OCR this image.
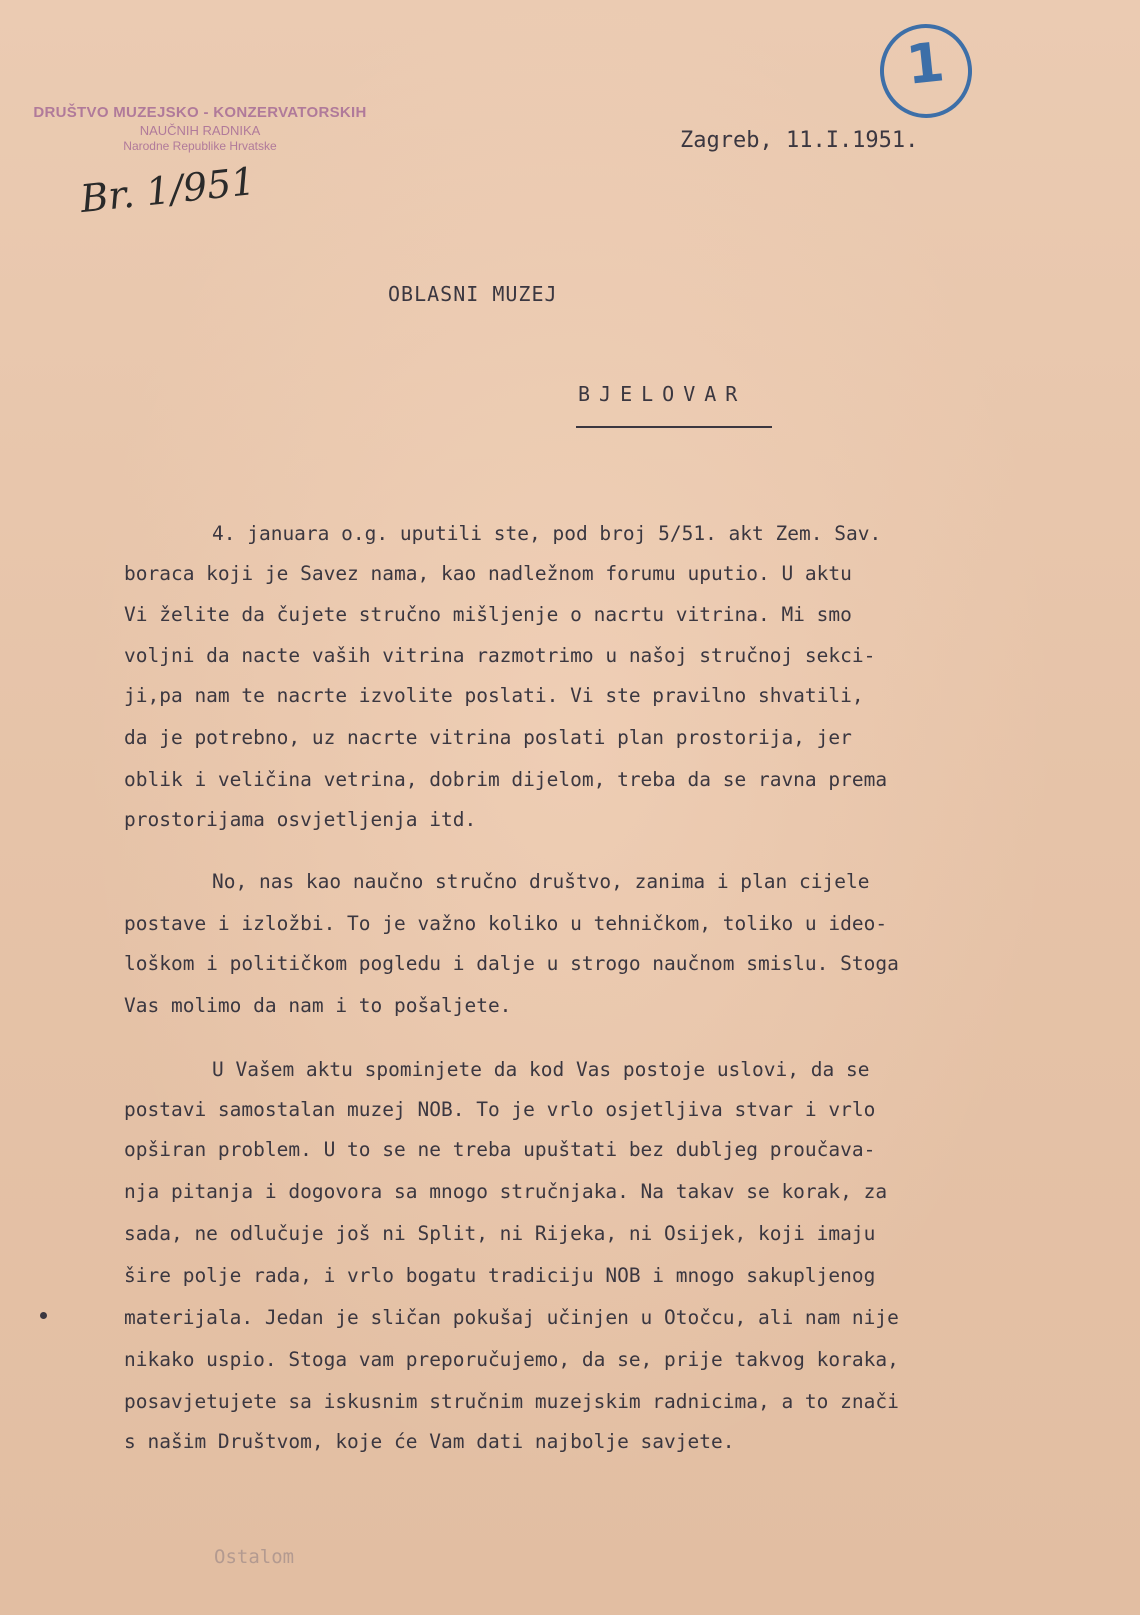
DRUŠTVO MUZEJSKO - KONZERVATORSKIH
NAUČNIH RADNIKA
Narodne Republike Hrvatske
Br. 1/951
1
Zagreb, 11.I.1951.
OBLASNI MUZEJ
BJELOVAR
4. januara o.g. uputili ste, pod broj 5/51. akt Zem. Sav.
boraca koji je Savez nama, kao nadležnom forumu uputio. U aktu
Vi želite da čujete stručno mišljenje o nacrtu vitrina. Mi smo
voljni da nacte vaših vitrina razmotrimo u našoj stručnoj sekci-
ji,pa nam te nacrte izvolite poslati. Vi ste pravilno shvatili,
da je potrebno, uz nacrte vitrina poslati plan prostorija, jer
oblik i veličina vetrina, dobrim dijelom, treba da se ravna prema
prostorijama osvjetljenja itd.
No, nas kao naučno stručno društvo, zanima i plan cijele
postave i izložbi. To je važno koliko u tehničkom, toliko u ideo-
loškom i političkom pogledu i dalje u strogo naučnom smislu. Stoga
Vas molimo da nam i to pošaljete.
U Vašem aktu spominjete da kod Vas postoje uslovi, da se
postavi samostalan muzej NOB. To je vrlo osjetljiva stvar i vrlo
opširan problem. U to se ne treba upuštati bez dubljeg proučava-
nja pitanja i dogovora sa mnogo stručnjaka. Na takav se korak, za
sada, ne odlučuje još ni Split, ni Rijeka, ni Osijek, koji imaju
šire polje rada, i vrlo bogatu tradiciju NOB i mnogo sakupljenog
materijala. Jedan je sličan pokušaj učinjen u Otočcu, ali nam nije
nikako uspio. Stoga vam preporučujemo, da se, prije takvog koraka,
posavjetujete sa iskusnim stručnim muzejskim radnicima, a to znači
s našim Društvom, koje će Vam dati najbolje savjete.
Ostalom
